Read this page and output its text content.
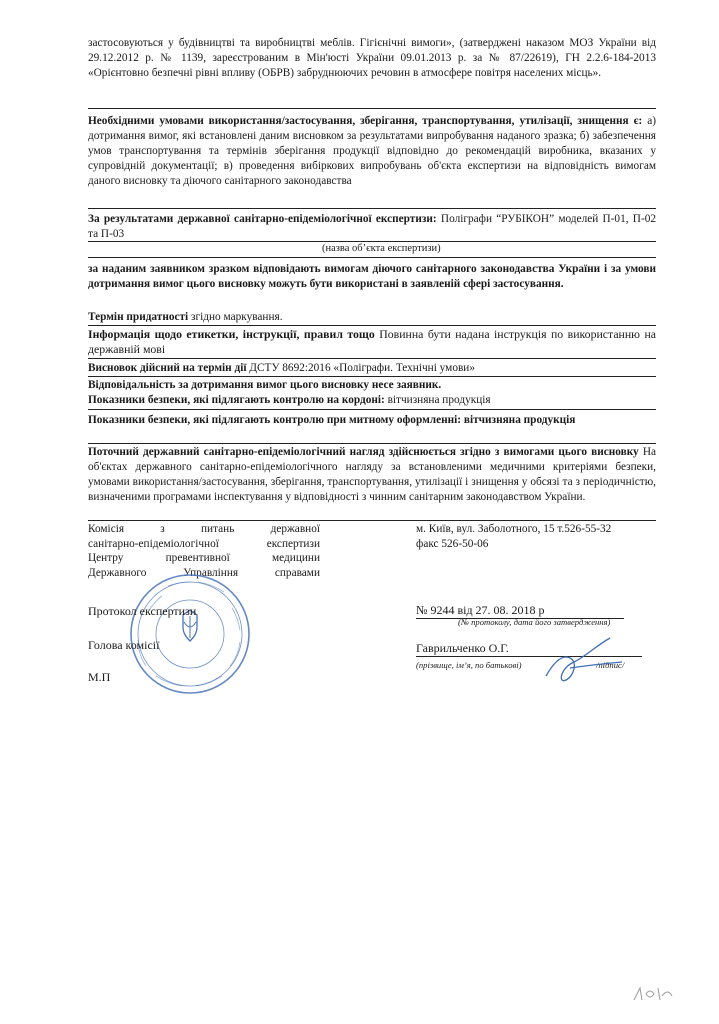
застосовуються у будівництві та виробництві меблів. Гігієнічні вимоги», (затверджені наказом МОЗ України від 29.12.2012 р. № 1139, зареєстрованим в Мін'юсті України 09.01.2013 р. за № 87/22619), ГН 2.2.6-184-2013 «Орієнтовно безпечні рівні впливу (ОБРВ) забруднюючих речовин в атмосфере повітря населених місць».
Необхідними умовами використання/застосування, зберігання, транспортування, утилізації, знищення є: а) дотримання вимог, які встановлені даним висновком за результатами випробування наданого зразка; б) забезпечення умов транспортування та термінів зберігання продукції відповідно до рекомендацій виробника, вказаних у супровідній документації; в) проведення вибіркових випробувань об'єкта експертизи на відповідність вимогам даного висновку та діючого санітарного законодавства
За результатами державної санітарно-епідеміологічної експертизи: Поліграфи “РУБІКОН” моделей П-01, П-02 та П-03
(назва об’єкта експертизи)
за наданим заявником зразком відповідають вимогам діючого санітарного законодавства України і за умови дотримання вимог цього висновку можуть бути використані в заявленій сфері застосування.
Термін придатності згідно маркування.
Інформація щодо етикетки, інструкції, правил тощо Повинна бути надана інструкція по використанню на державній мові
Висновок дійсний на термін дії ДСТУ 8692:2016 «Поліграфи. Технічні умови»
Відповідальність за дотримання вимог цього висновку несе заявник.
Показники безпеки, які підлягають контролю на кордоні: вітчизняна продукція
Показники безпеки, які підлягають контролю при митному оформленні: вітчизняна продукція
Поточний державний санітарно-епідеміологічний нагляд здійснюється згідно з вимогами цього висновку На об'єктах державного санітарно-епідеміологічного нагляду за встановленими медичними критеріями безпеки, умовами використання/застосування, зберігання, транспортування, утилізації і знищення у обсязі та з періодичністю, визначеними програмами інспектування у відповідності з чинним санітарним законодавством України.
Комісія з питань державної
санітарно-епідеміологічної експертизи
Центру превентивної медицини
Державного Управління справами
м. Київ, вул. Заболотного, 15 т.526-55-32
факс 526-50-06
Протокол експертизи
Голова комісії
М.П
№ 9244 від 27. 08. 2018 р
(№ протоколу, дата його затвердження)
Гаврильченко О.Г.
(прізвище, ім’я, по батькові)	/підпис/
